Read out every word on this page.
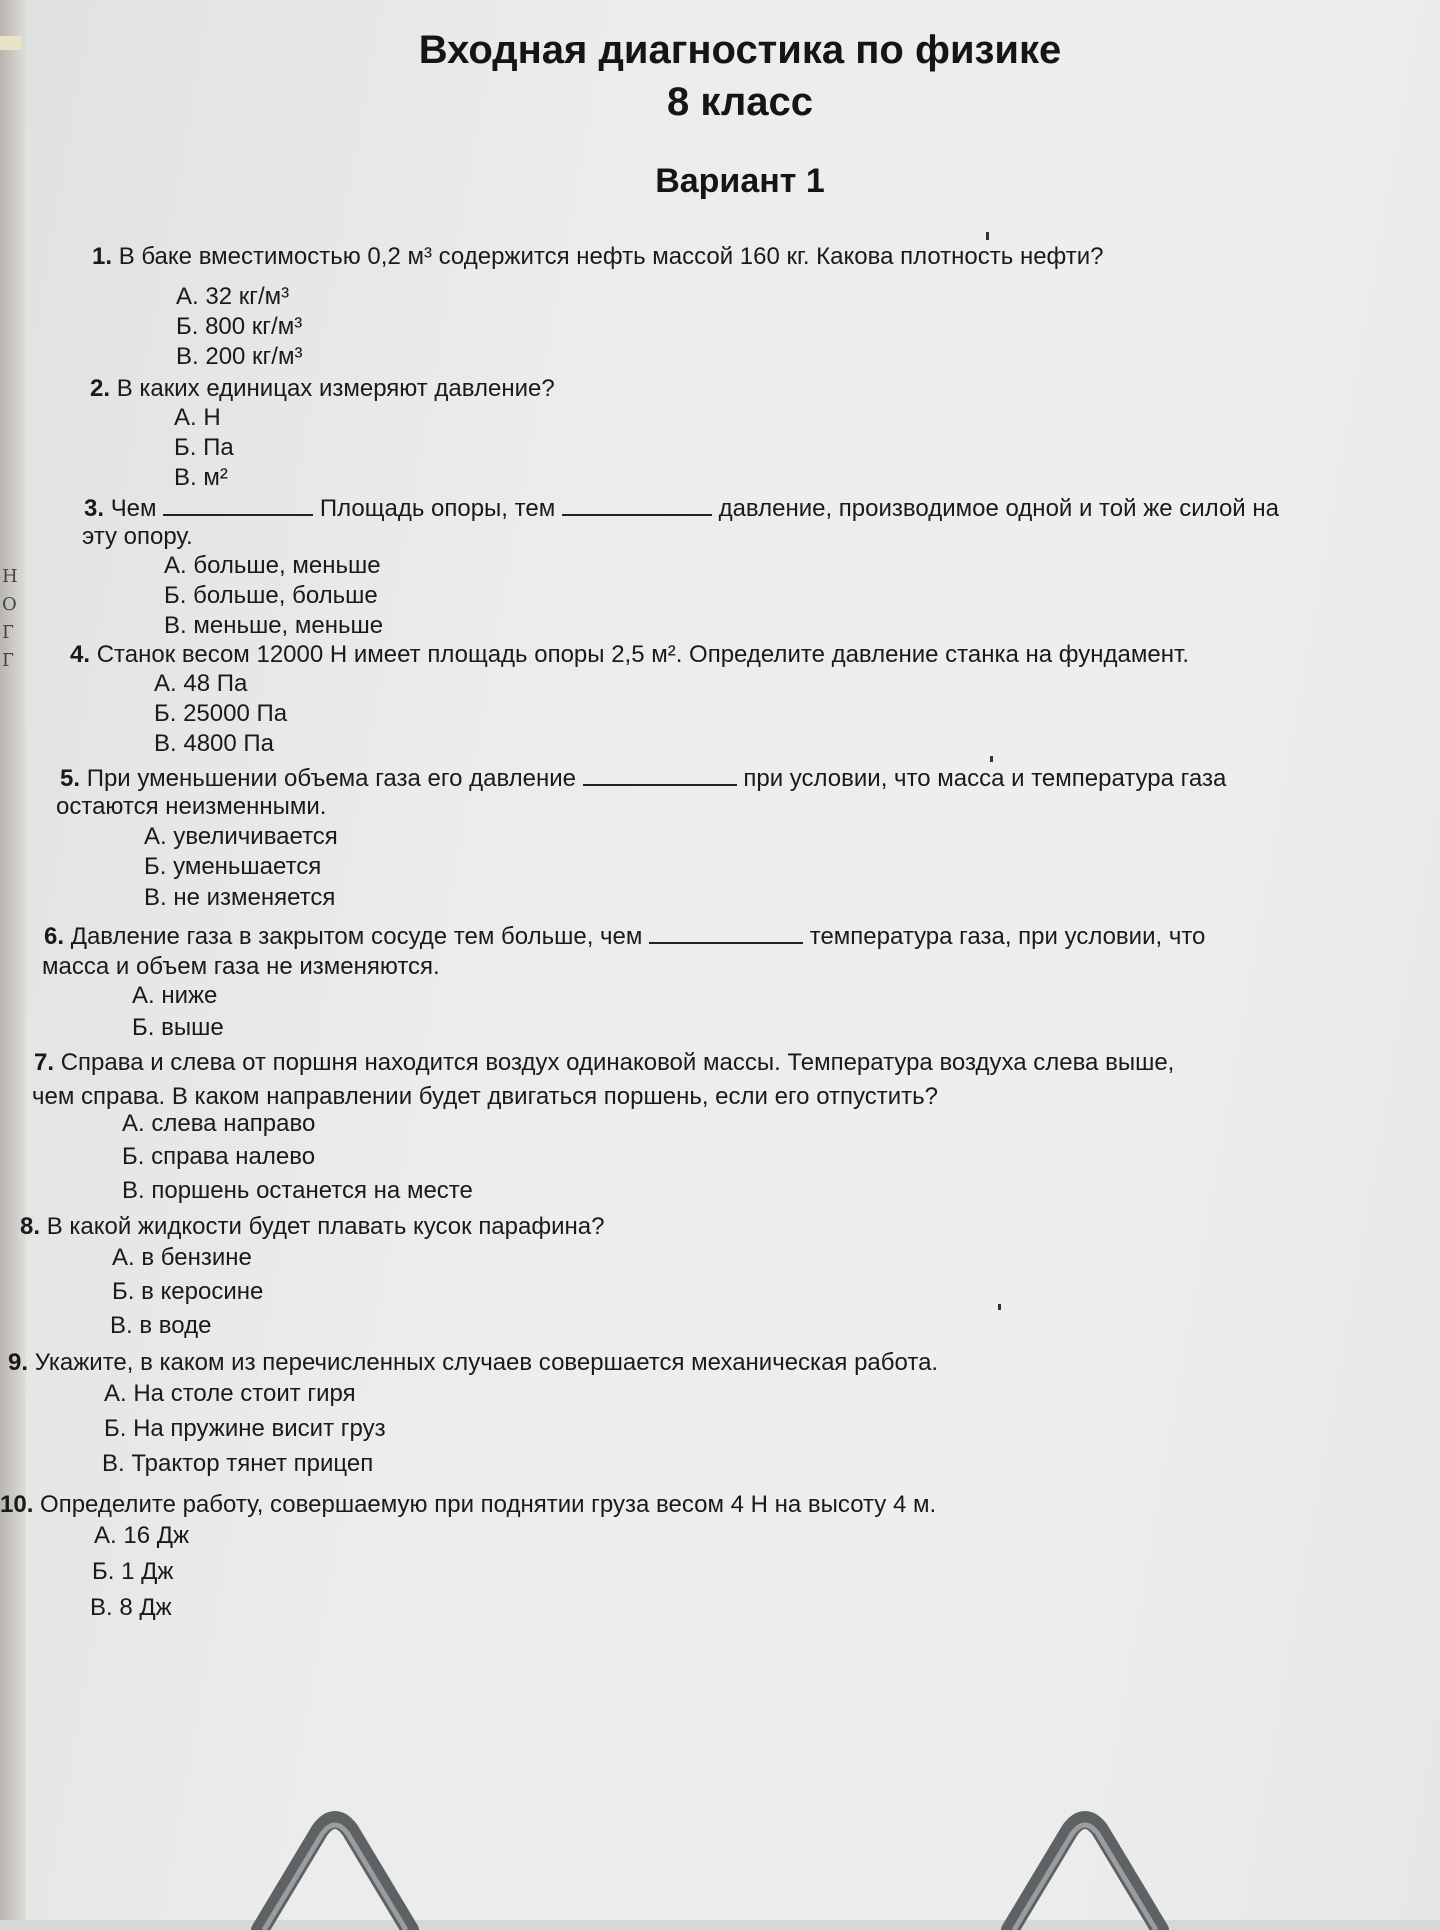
Н
О
Г
Г
Входная диагностика по физике
8 класс
Вариант 1
1. В баке вместимостью 0,2 м³ содержится нефть массой 160 кг. Какова плотность нефти?
А. 32 кг/м³
Б. 800 кг/м³
В. 200 кг/м³
2. В каких единицах измеряют давление?
А. Н
Б. Па
В. м²
3. Чем	Площадь опоры, тем	давление, производимое одной и той же силой на
эту опору.
А. больше, меньше
Б. больше, больше
В. меньше, меньше
4. Станок весом 12000 Н имеет площадь опоры 2,5 м². Определите давление станка на фундамент.
А. 48 Па
Б. 25000 Па
В. 4800 Па
5. При уменьшении объема газа его давление	при условии, что масса и температура газа
остаются неизменными.
А. увеличивается
Б. уменьшается
В. не изменяется
6. Давление газа в закрытом сосуде тем больше, чем	температура газа, при условии, что
масса и объем газа не изменяются.
А. ниже
Б. выше
7. Справа и слева от поршня находится воздух одинаковой массы. Температура воздуха слева выше,
чем справа. В каком направлении будет двигаться поршень, если его отпустить?
А. слева направо
Б. справа налево
В. поршень останется на месте
8. В какой жидкости будет плавать кусок парафина?
А. в бензине
Б. в керосине
В. в воде
9. Укажите, в каком из перечисленных случаев совершается механическая работа.
А. На столе стоит гиря
Б. На пружине висит груз
В. Трактор тянет прицеп
10. Определите работу, совершаемую при поднятии груза весом 4 Н на высоту 4 м.
А. 16 Дж
Б. 1 Дж
В. 8 Дж
